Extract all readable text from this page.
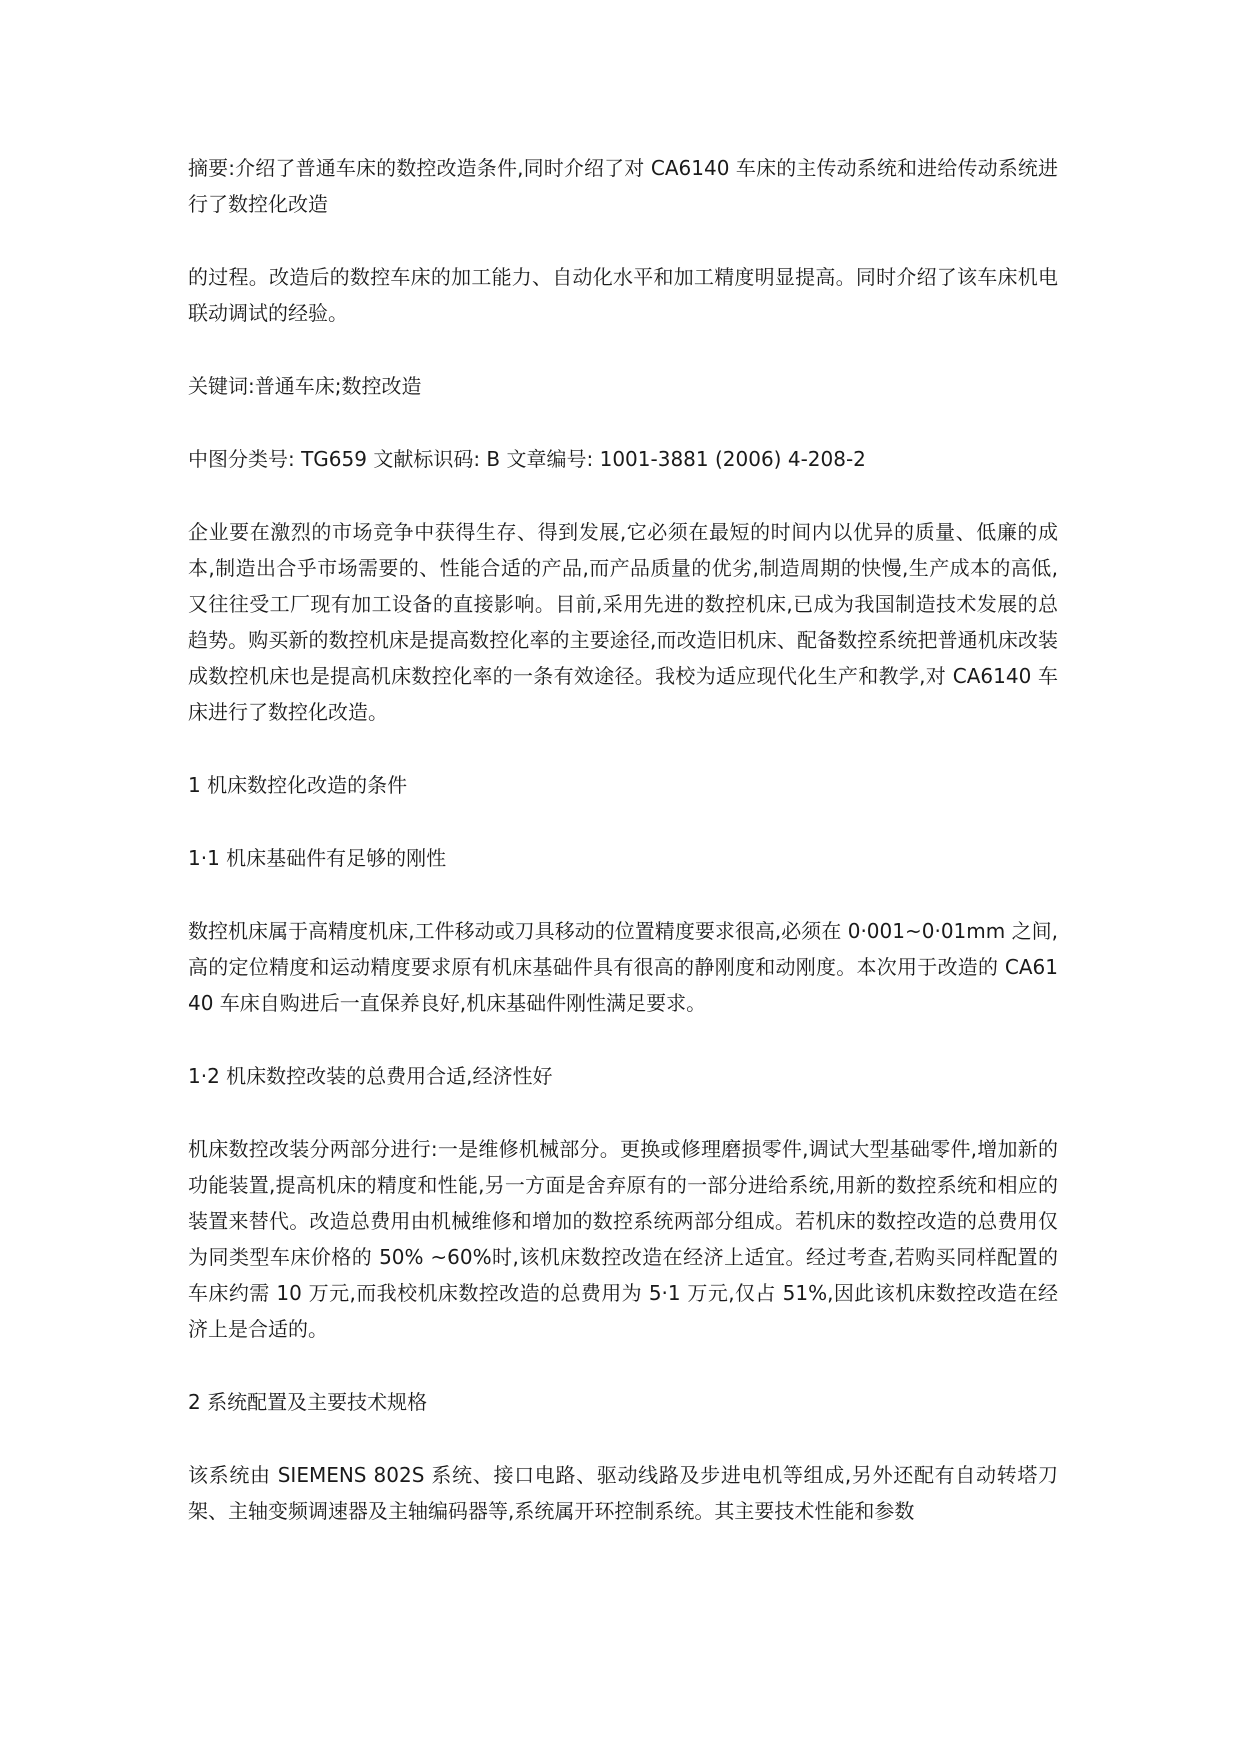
摘要:介绍了普通车床的数控改造条件,同时介绍了对 CA6140 车床的主传动系统和进给传动系统进行了数控化改造

的过程。改造后的数控车床的加工能力、自动化水平和加工精度明显提高。同时介绍了该车床机电联动调试的经验。

关键词:普通车床;数控改造

中图分类号: TG659 文献标识码: B 文章编号: 1001-3881 (2006) 4-208-2

企业要在激烈的市场竞争中获得生存、得到发展,它必须在最短的时间内以优异的质量、低廉的成本,制造出合乎市场需要的、性能合适的产品,而产品质量的优劣,制造周期的快慢,生产成本的高低,又往往受工厂现有加工设备的直接影响。目前,采用先进的数控机床,已成为我国制造技术发展的总趋势。购买新的数控机床是提高数控化率的主要途径,而改造旧机床、配备数控系统把普通机床改装成数控机床也是提高机床数控化率的一条有效途径。我校为适应现代化生产和教学,对 CA6140 车床进行了数控化改造。

1 机床数控化改造的条件

1·1 机床基础件有足够的刚性

数控机床属于高精度机床,工件移动或刀具移动的位置精度要求很高,必须在 0·001~0·01mm 之间,高的定位精度和运动精度要求原有机床基础件具有很高的静刚度和动刚度。本次用于改造的 CA6140 车床自购进后一直保养良好,机床基础件刚性满足要求。

1·2 机床数控改装的总费用合适,经济性好

机床数控改装分两部分进行:一是维修机械部分。更换或修理磨损零件,调试大型基础零件,增加新的功能装置,提高机床的精度和性能,另一方面是舍弃原有的一部分进给系统,用新的数控系统和相应的装置来替代。改造总费用由机械维修和增加的数控系统两部分组成。若机床的数控改造的总费用仅为同类型车床价格的 50% ~60%时,该机床数控改造在经济上适宜。经过考查,若购买同样配置的车床约需 10 万元,而我校机床数控改造的总费用为 5·1 万元,仅占 51%,因此该机床数控改造在经济上是合适的。

2 系统配置及主要技术规格

该系统由 SIEMENS 802S 系统、接口电路、驱动线路及步进电机等组成,另外还配有自动转塔刀架、主轴变频调速器及主轴编码器等,系统属开环控制系统。其主要技术性能和参数
